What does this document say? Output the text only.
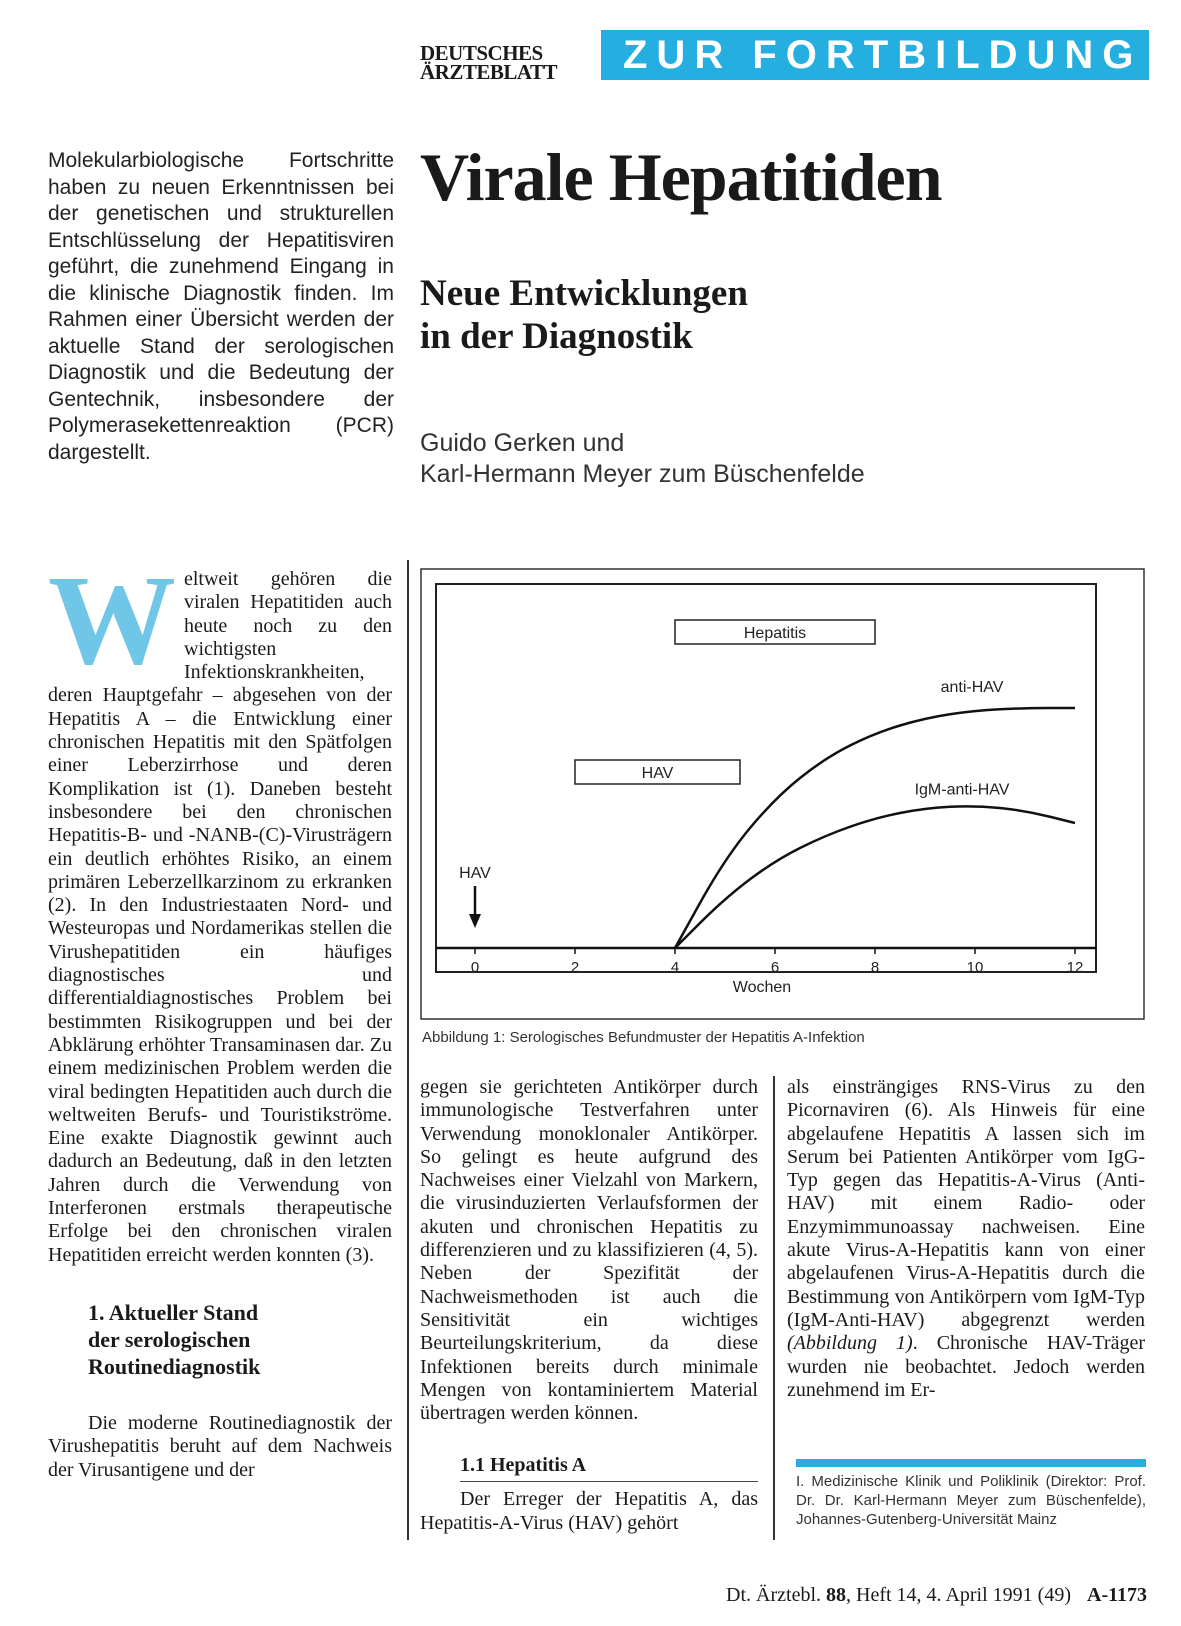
DEUTSCHES
ÄRZTEBLATT	ZUR FORTBILDUNG
Molekularbiologische Fortschritte haben zu neuen Erkenntnissen bei der genetischen und strukturellen Entschlüsselung der Hepatitisviren geführt, die zunehmend Eingang in die klinische Diagnostik finden. Im Rahmen einer Übersicht werden der aktuelle Stand der serologischen Diagnostik und die Bedeutung der Gentechnik, insbesondere der Polymerasekettenreaktion (PCR) dargestellt.
Virale Hepatitiden
Neue Entwicklungen
in der Diagnostik
Guido Gerken und
Karl-Hermann Meyer zum Büschenfelde

Weltweit gehören die viralen Hepatitiden auch heute noch zu den wichtigsten Infektionskrankheiten, deren Hauptgefahr – abgesehen von der Hepatitis A – die Entwicklung einer chronischen Hepatitis mit den Spätfolgen einer Leberzirrhose und deren Komplikation ist (1). Daneben besteht insbesondere bei den chronischen Hepatitis-B- und -NANB-(C)-Virusträgern ein deutlich erhöhtes Risiko, an einem primären Leberzellkarzinom zu erkranken (2). In den Industriestaaten Nord- und Westeuropas und Nordamerikas stellen die Virushepatitiden ein häufiges diagnostisches und differentialdiagnostisches Problem bei bestimmten Risikogruppen und bei der Abklärung erhöhter Transaminasen dar. Zu einem medizinischen Problem werden die viral bedingten Hepatitiden auch durch die weltweiten Berufs- und Touristikströme. Eine exakte Diagnostik gewinnt auch dadurch an Bedeutung, daß in den letzten Jahren durch die Verwendung von Interferonen erstmals therapeutische Erfolge bei den chronischen viralen Hepatitiden erreicht werden konnten (3).

1. Aktueller Stand
der serologischen
Routinediagnostik

Die moderne Routinediagnostik der Virushepatitis beruht auf dem Nachweis der Virusantigene und der

0	2	4	6	8	10	12
Wochen
Hepatitis
HAV
anti-HAV
IgM-anti-HAV
HAV
Abbildung 1: Serologisches Befundmuster der Hepatitis A-Infektion

gegen sie gerichteten Antikörper durch immunologische Testverfahren unter Verwendung monoklonaler Antikörper. So gelingt es heute aufgrund des Nachweises einer Vielzahl von Markern, die virusinduzierten Verlaufsformen der akuten und chronischen Hepatitis zu differenzieren und zu klassifizieren (4, 5). Neben der Spezifität der Nachweismethoden ist auch die Sensitivität ein wichtiges Beurteilungskriterium, da diese Infektionen bereits durch minimale Mengen von kontaminiertem Material übertragen werden können.

1.1 Hepatitis A

Der Erreger der Hepatitis A, das Hepatitis-A-Virus (HAV) gehört

als einsträngiges RNS-Virus zu den Picornaviren (6). Als Hinweis für eine abgelaufene Hepatitis A lassen sich im Serum bei Patienten Antikörper vom IgG-Typ gegen das Hepatitis-A-Virus (Anti-HAV) mit einem Radio- oder Enzymimmunoassay nachweisen. Eine akute Virus-A-Hepatitis kann von einer abgelaufenen Virus-A-Hepatitis durch die Bestimmung von Antikörpern vom IgM-Typ (IgM-Anti-HAV) abgegrenzt werden (Abbildung 1). Chronische HAV-Träger wurden nie beobachtet. Jedoch werden zunehmend im Er-

I. Medizinische Klinik und Poliklinik (Direktor: Prof. Dr. Dr. Karl-Hermann Meyer zum Büschenfelde), Johannes-Gutenberg-Universität Mainz
Dt. Ärztebl. 88, Heft 14, 4. April 1991 (49) A-1173
